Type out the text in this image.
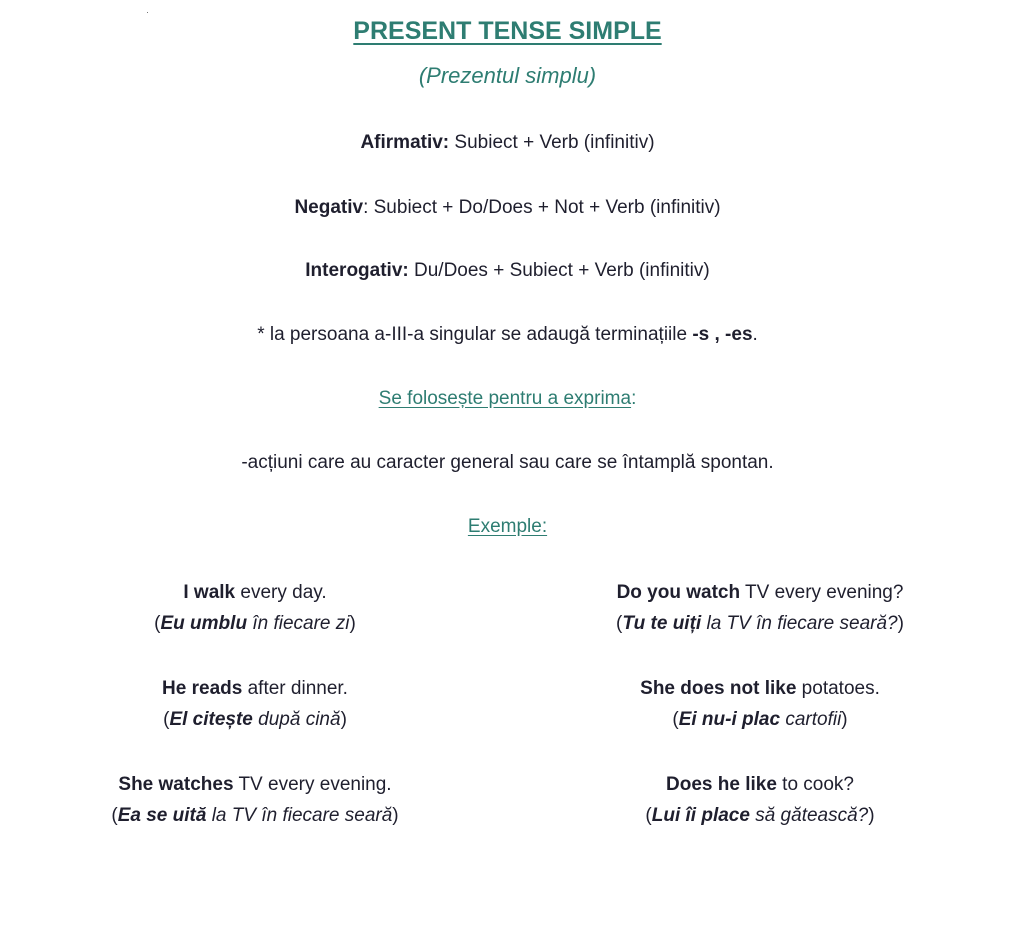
PRESENT TENSE SIMPLE
(Prezentul simplu)
Afirmativ: Subiect + Verb (infinitiv)
Negativ: Subiect + Do/Does + Not + Verb (infinitiv)
Interogativ: Du/Does + Subiect + Verb (infinitiv)
* la persoana a-III-a singular se adaugă terminațiile -s , -es.
Se folosește pentru a exprima:
-acțiuni care au caracter general sau care se întamplă spontan.
Exemple:
I walk every day.
(Eu umblu în fiecare zi)
He reads after dinner.
(El citește după cină)
She watches TV every evening.
(Ea se uită la TV în fiecare seară)
Do you watch TV every evening?
(Tu te uiți la TV în fiecare seară?)
She does not like potatoes.
(Ei nu-i plac cartofii)
Does he like to cook?
(Lui îi place să gătească?)
